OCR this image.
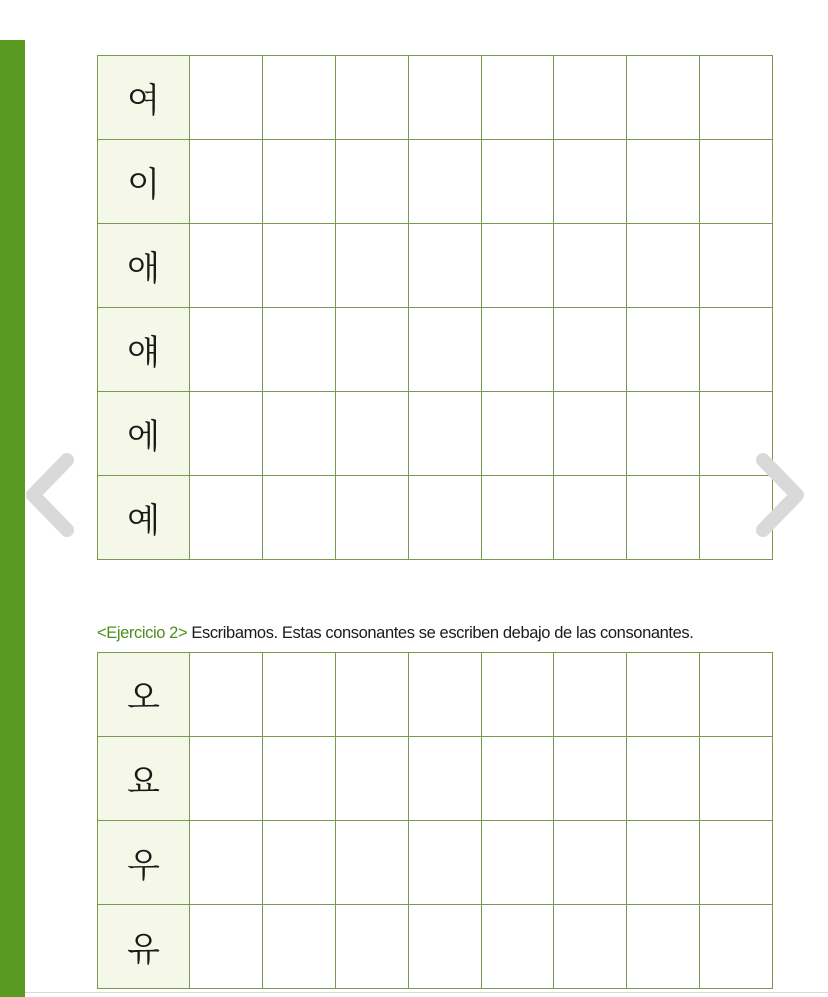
여								
이								
애								
얘								
에								
예								
<Ejercicio 2> Escribamos. Estas consonantes se escriben debajo de las consonantes.
오								
요								
우								
유								
